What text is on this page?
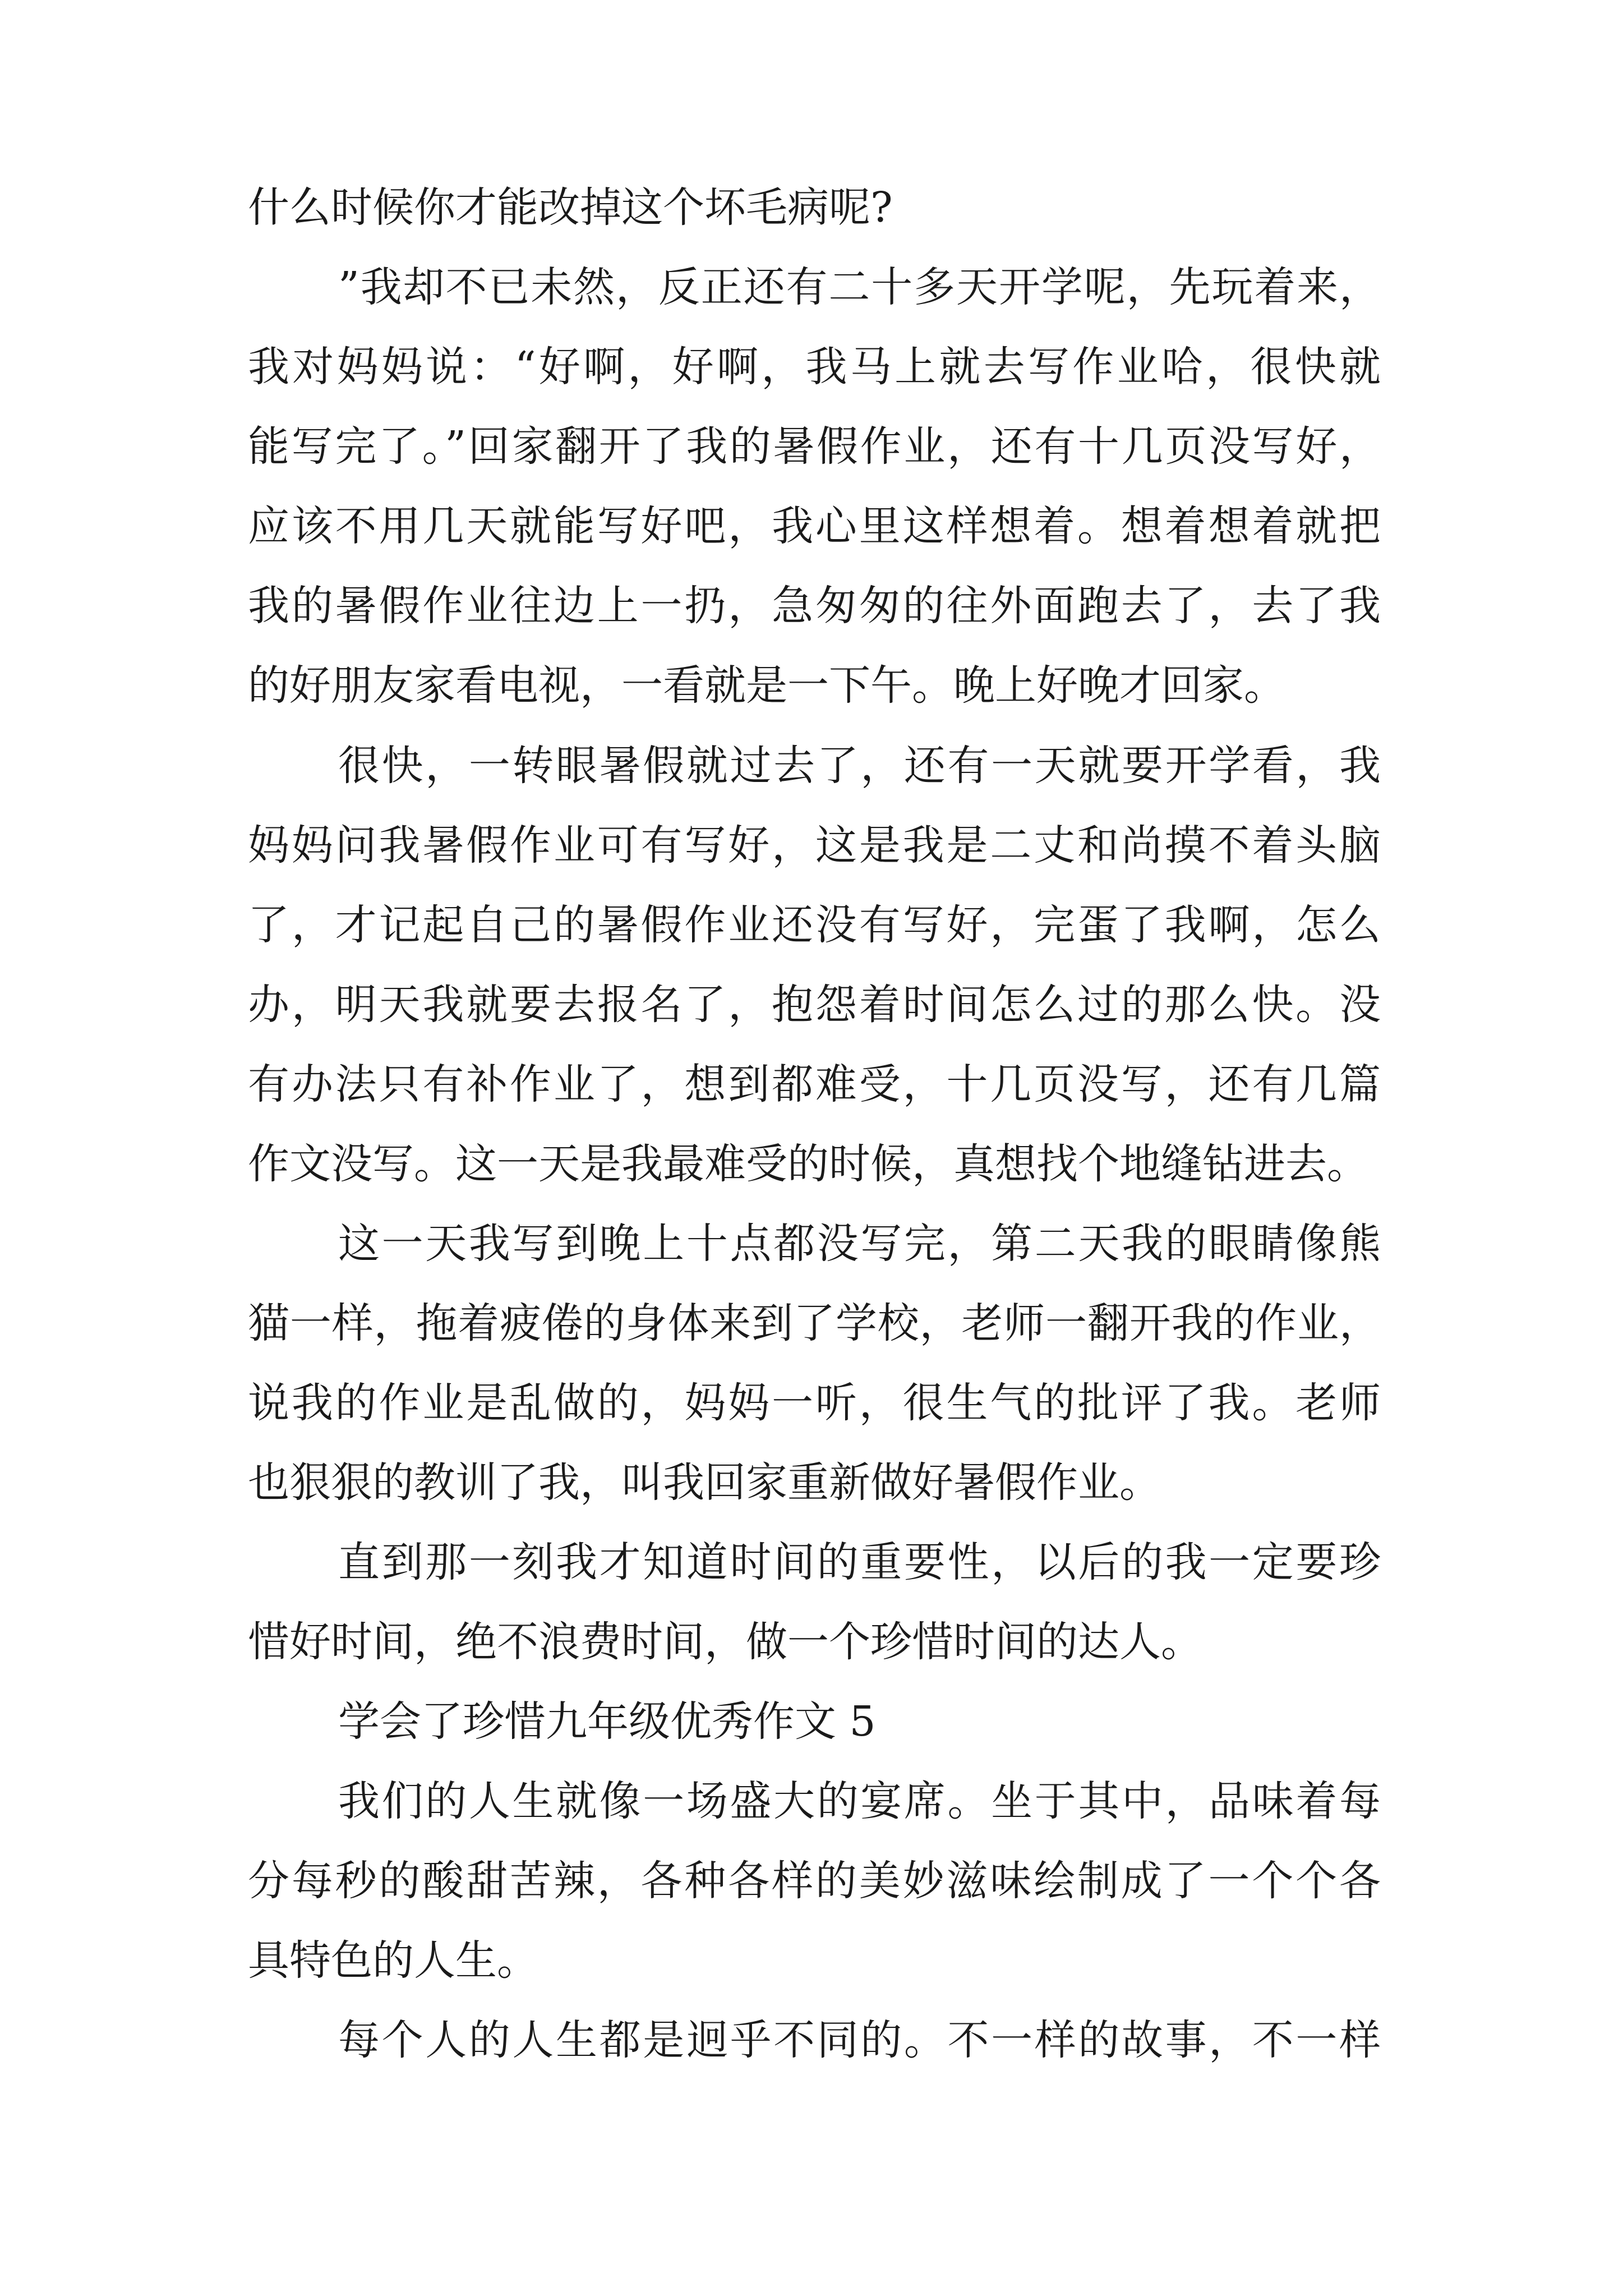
什么时候你才能改掉这个坏毛病呢?
”我却不已未然，反正还有二十多天开学呢，先玩着来，
我对妈妈说：“好啊，好啊，我马上就去写作业哈，很快就
能写完了。”回家翻开了我的暑假作业，还有十几页没写好，
应该不用几天就能写好吧，我心里这样想着。想着想着就把
我的暑假作业往边上一扔，急匆匆的往外面跑去了，去了我
的好朋友家看电视，一看就是一下午。晚上好晚才回家。
很快，一转眼暑假就过去了，还有一天就要开学看，我
妈妈问我暑假作业可有写好，这是我是二丈和尚摸不着头脑
了，才记起自己的暑假作业还没有写好，完蛋了我啊，怎么
办，明天我就要去报名了，抱怨着时间怎么过的那么快。没
有办法只有补作业了，想到都难受，十几页没写，还有几篇
作文没写。这一天是我最难受的时候，真想找个地缝钻进去。
这一天我写到晚上十点都没写完，第二天我的眼睛像熊
猫一样，拖着疲倦的身体来到了学校，老师一翻开我的作业，
说我的作业是乱做的，妈妈一听，很生气的批评了我。老师
也狠狠的教训了我，叫我回家重新做好暑假作业。
直到那一刻我才知道时间的重要性，以后的我一定要珍
惜好时间，绝不浪费时间，做一个珍惜时间的达人。
学会了珍惜九年级优秀作文 5
我们的人生就像一场盛大的宴席。坐于其中，品味着每
分每秒的酸甜苦辣，各种各样的美妙滋味绘制成了一个个各
具特色的人生。
每个人的人生都是迥乎不同的。不一样的故事，不一样
